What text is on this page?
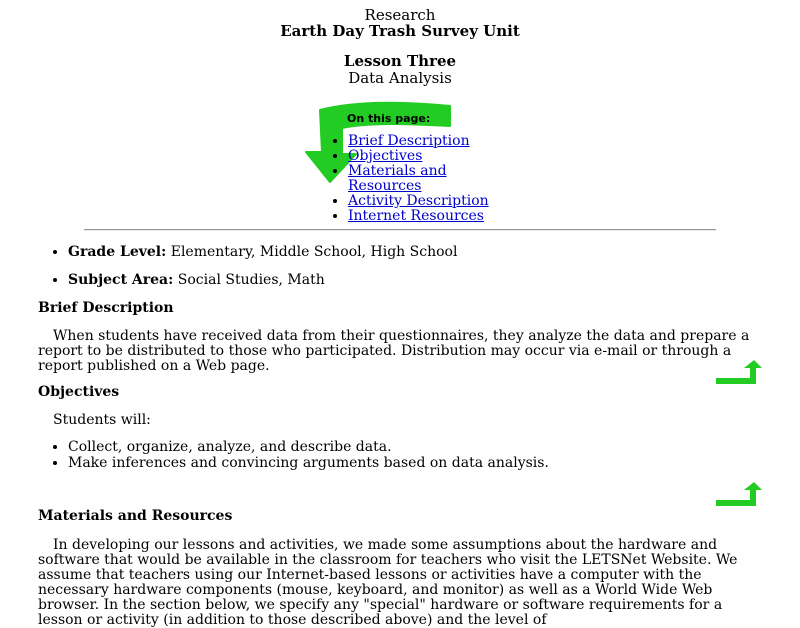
Research
Earth Day Trash Survey Unit
Lesson Three
Data Analysis
On this page:
• Brief Description
• Objectives
• Materials and Resources
• Activity Description
• Internet Resources
• Grade Level: Elementary, Middle School, High School
• Subject Area: Social Studies, Math

Brief Description

When students have received data from their questionnaires, they analyze the data and prepare a report to be distributed to those who participated. Distribution may occur via e-mail or through a report published on a Web page.

Objectives

Students will:

• Collect, organize, analyze, and describe data.
• Make inferences and convincing arguments based on data analysis.

Materials and Resources

In developing our lessons and activities, we made some assumptions about the hardware and software that would be available in the classroom for teachers who visit the LETSNet Website. We assume that teachers using our Internet-based lessons or activities have a computer with the necessary hardware components (mouse, keyboard, and monitor) as well as a World Wide Web browser. In the section below, we specify any "special" hardware or software requirements for a lesson or activity (in addition to those described above) and the level of
